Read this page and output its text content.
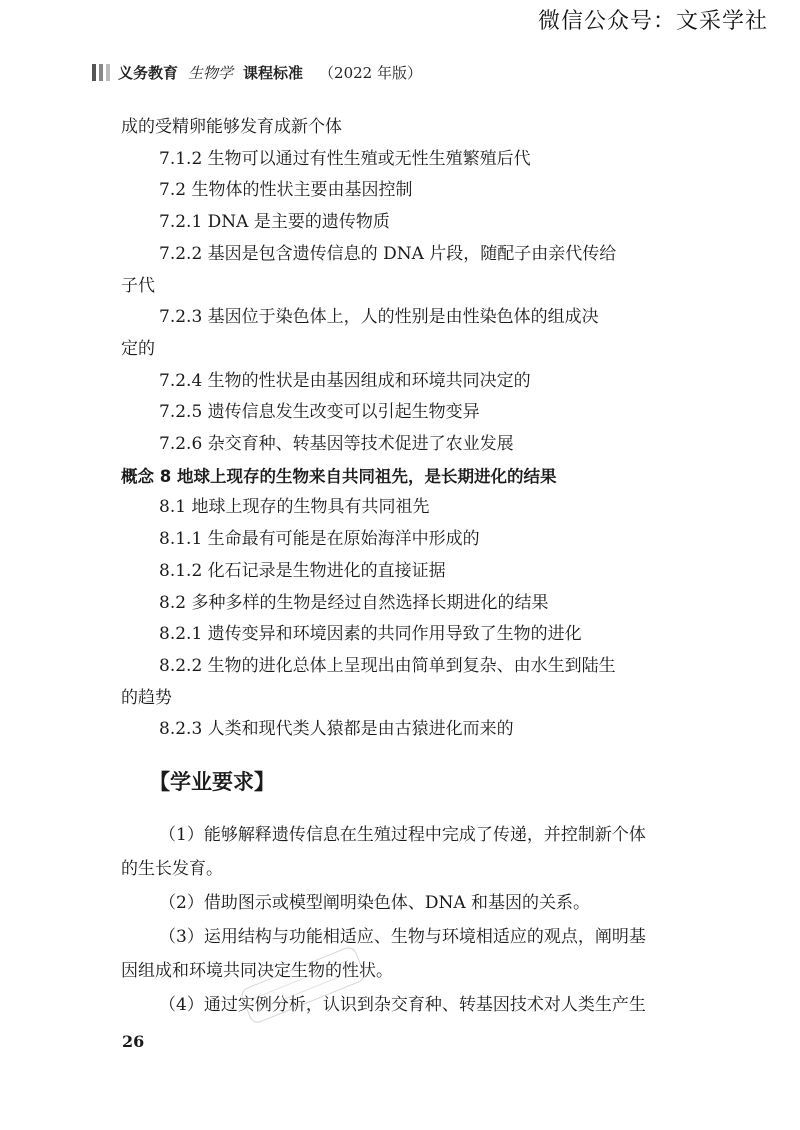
微信公众号：文采学社
义务教育 生物学 课程标准 （2022 年版）
成的受精卵能够发育成新个体
7.1.2 生物可以通过有性生殖或无性生殖繁殖后代
7.2 生物体的性状主要由基因控制
7.2.1 DNA 是主要的遗传物质
7.2.2 基因是包含遗传信息的 DNA 片段，随配子由亲代传给
子代
7.2.3 基因位于染色体上，人的性别是由性染色体的组成决
定的
7.2.4 生物的性状是由基因组成和环境共同决定的
7.2.5 遗传信息发生改变可以引起生物变异
7.2.6 杂交育种、转基因等技术促进了农业发展
概念 8 地球上现存的生物来自共同祖先，是长期进化的结果
8.1 地球上现存的生物具有共同祖先
8.1.1 生命最有可能是在原始海洋中形成的
8.1.2 化石记录是生物进化的直接证据
8.2 多种多样的生物是经过自然选择长期进化的结果
8.2.1 遗传变异和环境因素的共同作用导致了生物的进化
8.2.2 生物的进化总体上呈现出由简单到复杂、由水生到陆生
的趋势
8.2.3 人类和现代类人猿都是由古猿进化而来的
【学业要求】
（1）能够解释遗传信息在生殖过程中完成了传递，并控制新个体
的生长发育。
（2）借助图示或模型阐明染色体、DNA 和基因的关系。
（3）运用结构与功能相适应、生物与环境相适应的观点，阐明基
因组成和环境共同决定生物的性状。
（4）通过实例分析，认识到杂交育种、转基因技术对人类生产生
26
